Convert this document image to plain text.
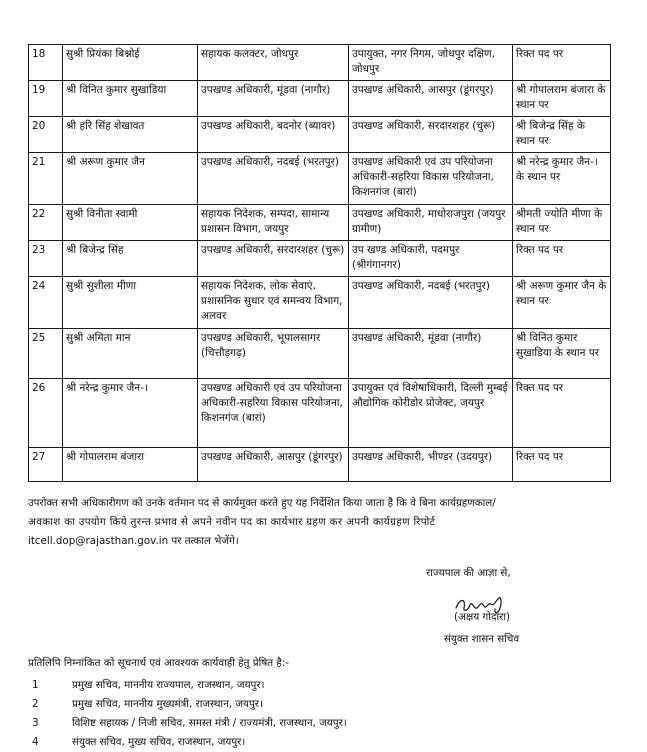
18	सुश्री प्रियंका बिश्नोई	सहायक कलक्टर, जोधपुर	उपायुक्त, नगर निगम, जोधपुर दक्षिण, जोधपुर	रिक्त पद पर
19	श्री विनित कुमार सुखाडिया	उपखण्ड अधिकारी, मूंडवा (नागौर)	उपखण्ड अधिकारी, आसपुर (डूंगरपुर)	श्री गोपालराम बंजारा के स्थान पर
20	श्री हरि सिंह शेखावत	उपखण्ड अधिकारी, बदनोर (ब्यावर)	उपखण्ड अधिकारी, सरदारशहर (चुरू)	श्री बिजेन्द्र सिंह के स्थान पर
21	श्री अरूण कुमार जैन	उपखण्ड अधिकारी, नदबई (भरतपुर)	उपखण्ड अधिकारी एवं उप परियोजना अधिकारी-सहरिया विकास परियोजना, किशनगंज (बारां)	श्री नरेन्द्र कुमार जैन-। के स्थान पर
22	सुश्री विनीता स्वामी	सहायक निदेशक, सम्पदा, सामान्य प्रशासन विभाग, जयपुर	उपखण्ड अधिकारी, माधोराजपुरा (जयपुर ग्रामीण)	श्रीमती ज्योति मीणा के स्थान पर
23	श्री बिजेन्द्र सिंह	उपखण्ड अधिकारी, सरदारशहर (चुरू)	उप खण्ड अधिकारी, पदमपुर (श्रीगंगानगर)	रिक्त पद पर
24	सुश्री सुशीला मीणा	सहायक निदेशक, लोक सेवाएं, प्रशासनिक सुधार एवं समन्वय विभाग, अलवर	उपखण्ड अधिकारी, नदबई (भरतपुर)	श्री अरूण कुमार जैन के स्थान पर
25	सुश्री अमिता मान	उपखण्ड अधिकारी, भूपालसागर (चित्तौड़गढ़)	उपखण्ड अधिकारी, मूंडवा (नागौर)	श्री विनित कुमार सुखाडिया के स्थान पर
26	श्री नरेन्द्र कुमार जैन-।	उपखण्ड अधिकारी एवं उप परियोजना अधिकारी-सहरिया विकास परियोजना, किशनगंज (बारां)	उपायुक्त एवं विशेषाधिकारी, दिल्ली मुम्बई औद्योगिक कोरीडोर प्रोजेक्ट, जयपुर	रिक्त पद पर
27	श्री गोपालराम बंजारा	उपखण्ड अधिकारी, आसपुर (डूंगरपुर)	उपखण्ड अधिकारी, भीण्डर (उदयपुर)	रिक्त पद पर
उपरोक्त सभी अधिकारीगण को उनके वर्तमान पद से कार्यमुक्त करते हुए यह निर्देशित किया जाता है कि वे बिना कार्यग्रहणकाल/
अवकाश का उपयोग किये तुरन्त प्रभाव से अपने नवीन पद का कार्यभार ग्रहण कर अपनी कार्यग्रहण रिपोर्ट
itcell.dop@rajasthan.gov.in पर तत्काल भेजेंगे।
राज्यपाल की आज्ञा से,
(अक्षय गोदारा)
संयुक्त शासन सचिव
प्रतिलिपि निम्नांकित को सूचनार्थ एवं आवश्यक कार्यवाही हेतु प्रेषित है:-
1	प्रमुख सचिव, माननीय राज्यपाल, राजस्थान, जयपुर।
2	प्रमुख सचिव, माननीय मुख्यमंत्री, राजस्थान, जयपुर।
3	विशिष्ट सहायक / निजी सचिव, समस्त मंत्री / राज्यमंत्री, राजस्थान, जयपुर।
4	संयुक्त सचिव, मुख्य सचिव, राजस्थान, जयपुर।
